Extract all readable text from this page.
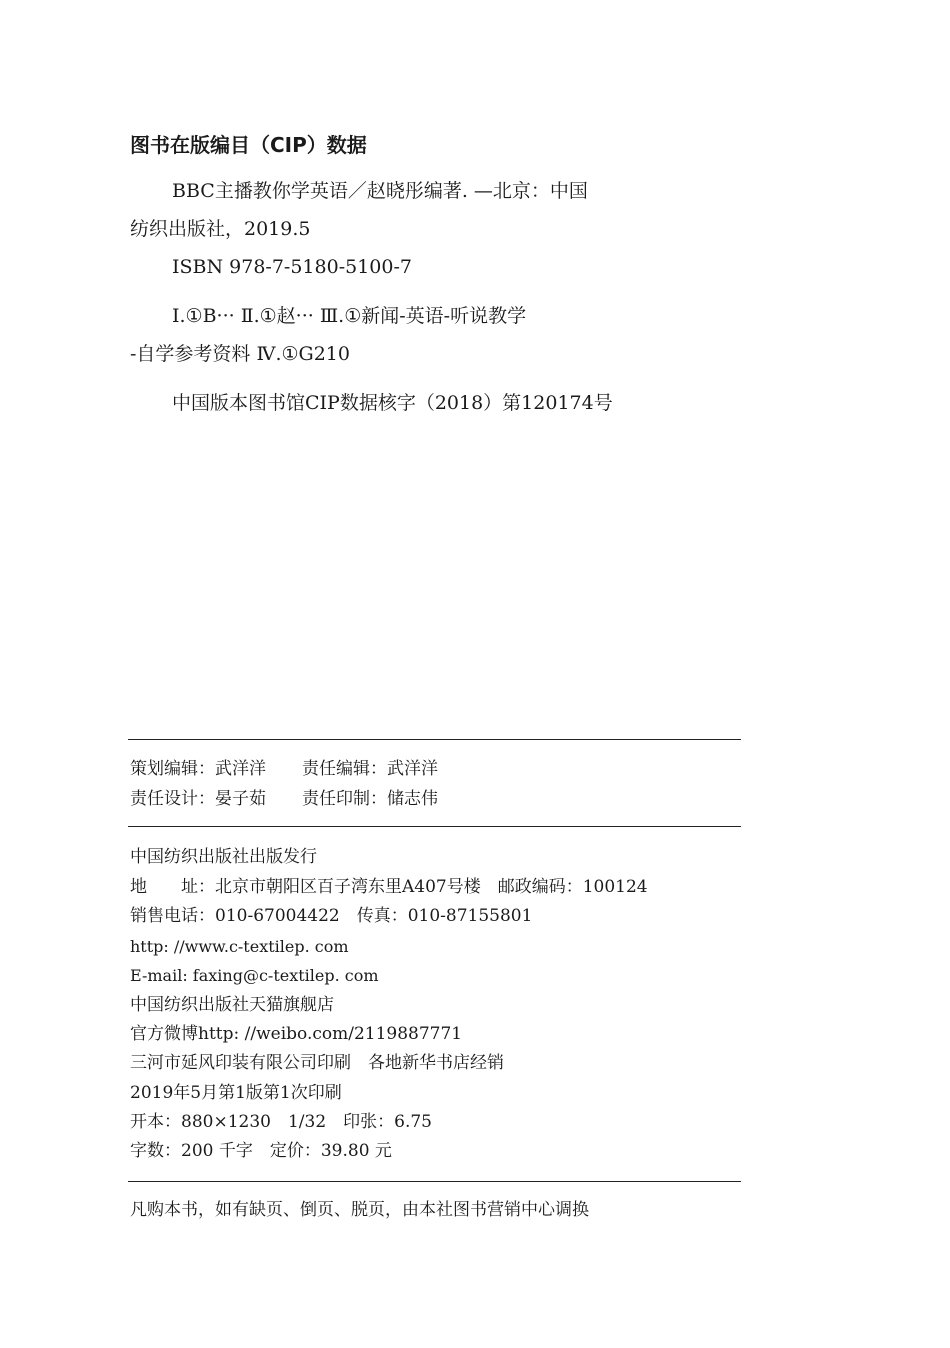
图书在版编目（CIP）数据
BBC主播教你学英语／赵晓彤编著. —北京：中国
纺织出版社，2019.5
ISBN 978-7-5180-5100-7
Ⅰ.①B··· Ⅱ.①赵··· Ⅲ.①新闻-英语-听说教学
-自学参考资料 Ⅳ.①G210
中国版本图书馆CIP数据核字（2018）第120174号
策划编辑：武洋洋 责任编辑：武洋洋
责任设计：晏子茹 责任印制：储志伟
中国纺织出版社出版发行
地　　址：北京市朝阳区百子湾东里A407号楼　邮政编码：100124
销售电话：010-67004422　传真：010-87155801
http: //www.c-textilep. com
E-mail: faxing@c-textilep. com
中国纺织出版社天猫旗舰店
官方微博http: //weibo.com/2119887771
三河市延风印装有限公司印刷　各地新华书店经销
2019年5月第1版第1次印刷
开本：880×1230　1/32　印张：6.75
字数：200 千字　定价：39.80 元
凡购本书，如有缺页、倒页、脱页，由本社图书营销中心调换
